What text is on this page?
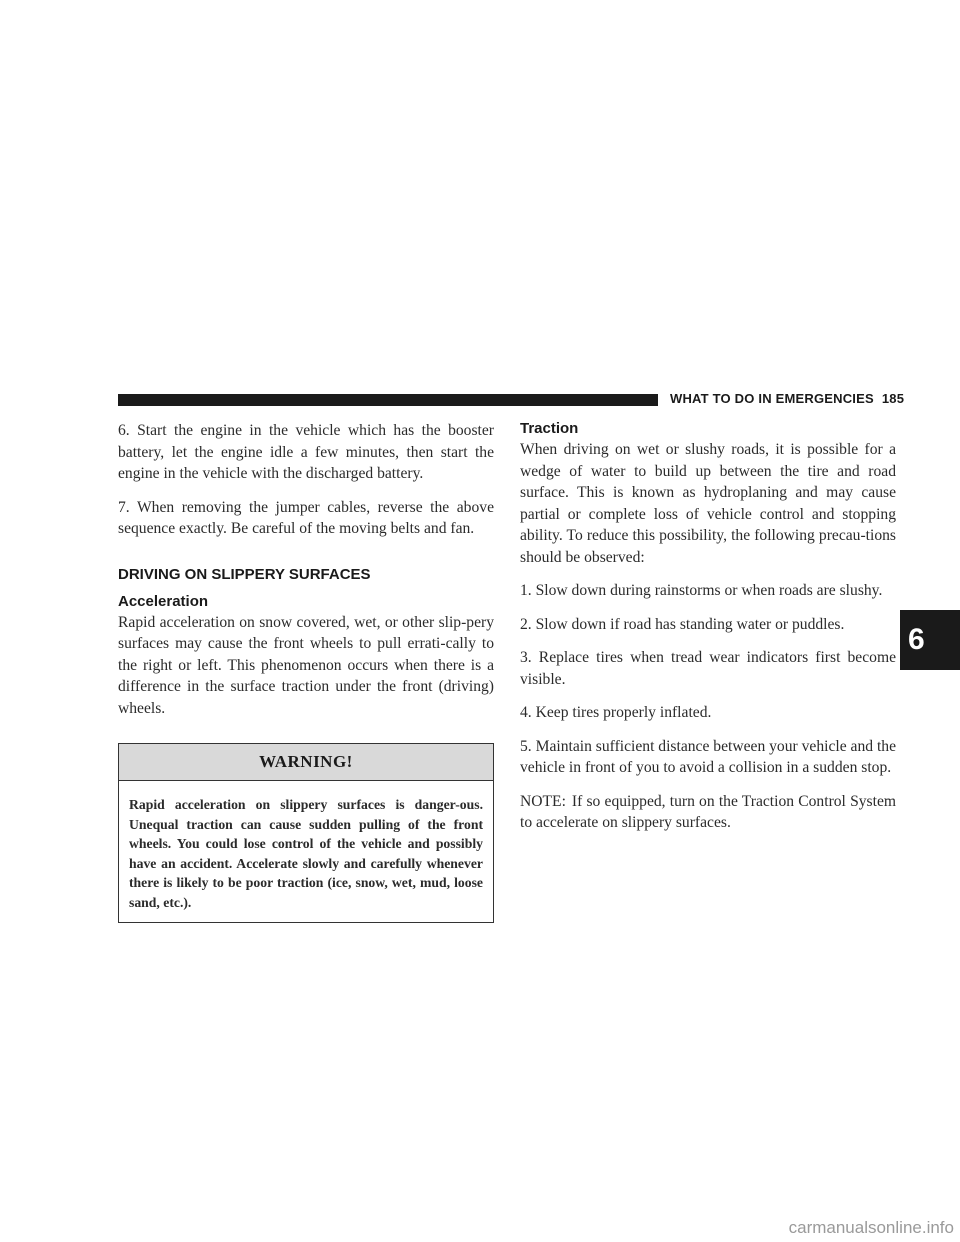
WHAT TO DO IN EMERGENCIES 185

6. Start the engine in the vehicle which has the booster battery, let the engine idle a few minutes, then start the engine in the vehicle with the discharged battery.

7. When removing the jumper cables, reverse the above sequence exactly. Be careful of the moving belts and fan.

DRIVING ON SLIPPERY SURFACES
Acceleration

Rapid acceleration on snow covered, wet, or other slip-pery surfaces may cause the front wheels to pull errati-cally to the right or left. This phenomenon occurs when there is a difference in the surface traction under the front (driving) wheels.

WARNING!
Rapid acceleration on slippery surfaces is danger-ous. Unequal traction can cause sudden pulling of the front wheels. You could lose control of the vehicle and possibly have an accident. Accelerate slowly and carefully whenever there is likely to be poor traction (ice, snow, wet, mud, loose sand, etc.).
Traction

When driving on wet or slushy roads, it is possible for a wedge of water to build up between the tire and road surface. This is known as hydroplaning and may cause partial or complete loss of vehicle control and stopping ability. To reduce this possibility, the following precau-tions should be observed:

1. Slow down during rainstorms or when roads are slushy.

2. Slow down if road has standing water or puddles.

3. Replace tires when tread wear indicators first become visible.

4. Keep tires properly inflated.

5. Maintain sufficient distance between your vehicle and the vehicle in front of you to avoid a collision in a sudden stop.

NOTE: If so equipped, turn on the Traction Control System to accelerate on slippery surfaces.

6
carmanualsonline.info
